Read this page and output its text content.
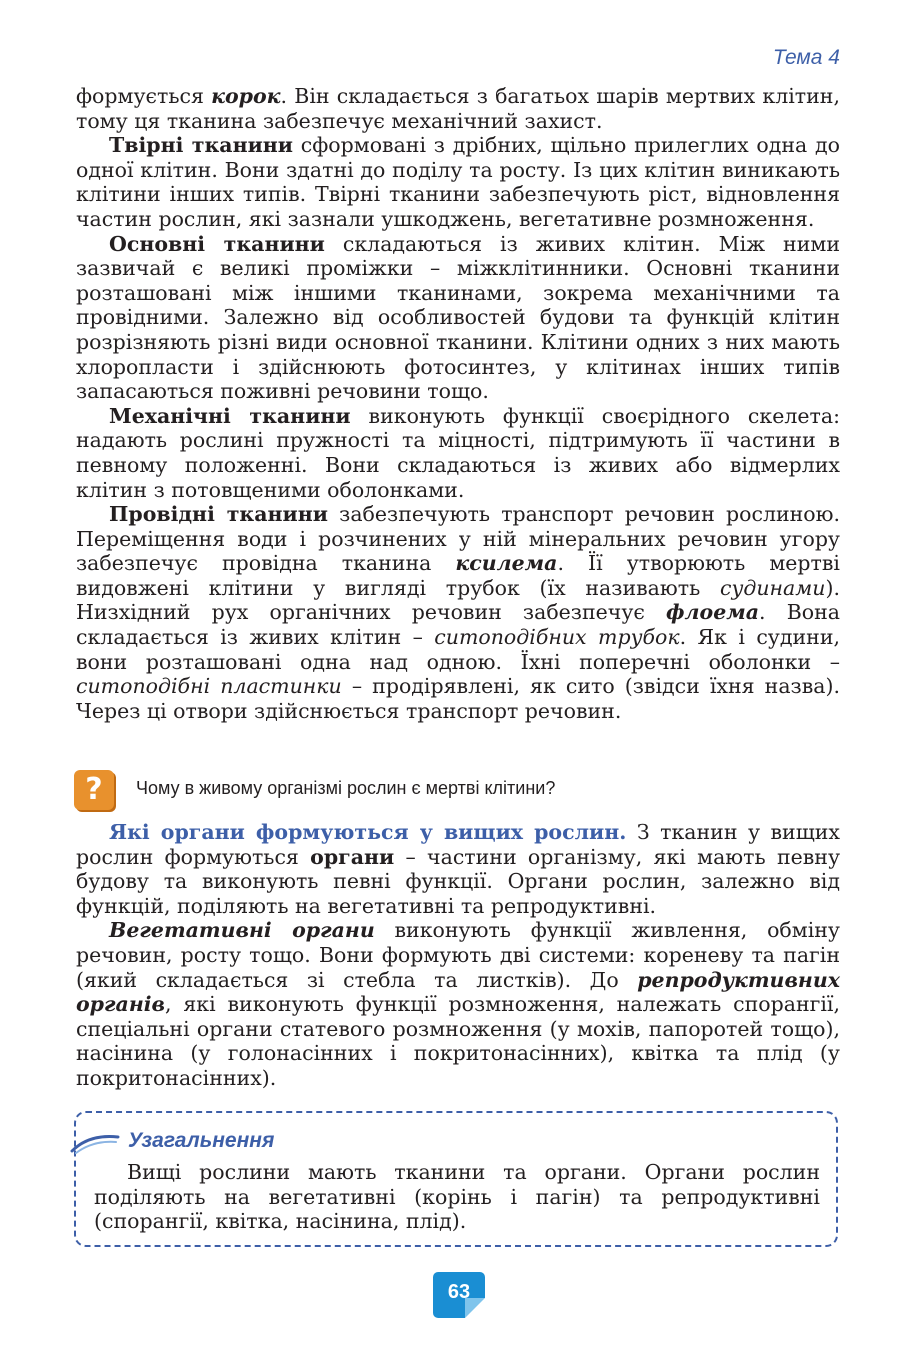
Тема 4

формується корок. Він складається з багатьох шарів мертвих клітин, тому ця тканина забезпечує механічний захист.

Твірні тканини сформовані з дрібних, щільно прилеглих одна до одної клітин. Вони здатні до поділу та росту. Із цих клітин виникають клітини інших типів. Твірні тканини забезпечують ріст, відновлення частин рослин, які зазнали ушкоджень, вегетативне розмноження.

Основні тканини складаються із живих клітин. Між ними зазвичай є великі проміжки – міжклітинники. Основні тканини розташовані між іншими тканинами, зокрема механічними та провідними. Залежно від особливостей будови та функцій клітин розрізняють різні види основної тканини. Клітини одних з них мають хлоропласти і здійснюють фотосинтез, у клітинах інших типів запасаються поживні речовини тощо.

Механічні тканини виконують функції своєрідного скелета: надають рослині пружності та міцності, підтримують її частини в певному положенні. Вони складаються із живих або відмерлих клітин з потовщеними оболонками.

Провідні тканини забезпечують транспорт речовин рослиною. Переміщення води і розчинених у ній мінеральних речовин угору забезпечує провідна тканина ксилема. Її утворюють мертві видовжені клітини у вигляді трубок (їх називають судинами). Низхідний рух органічних речовин забезпечує флоема. Вона складається із живих клітин – ситоподібних трубок. Як і судини, вони розташовані одна над одною. Їхні поперечні оболонки – ситоподібні пластинки – продірявлені, як сито (звідси їхня назва). Через ці отвори здійснюється транспорт речовин.

?	Чому в живому організмі рослин є мертві клітини?

Які органи формуються у вищих рослин. З тканин у вищих рослин формуються органи – частини організму, які мають певну будову та виконують певні функції. Органи рослин, залежно від функцій, поділяють на вегетативні та репродуктивні.

Вегетативні органи виконують функції живлення, обміну речовин, росту тощо. Вони формують дві системи: кореневу та пагін (який складається зі стебла та листків). До репродуктивних органів, які виконують функції розмноження, належать спорангії, спеціальні органи статевого розмноження (у мохів, папоротей тощо), насінина (у голонасінних і покритонасінних), квітка та плід (у покритонасінних).

Узагальнення

Вищі рослини мають тканини та органи. Органи рослин поділяють на вегетативні (корінь і пагін) та репродуктивні (спорангії, квітка, насінина, плід).

63
